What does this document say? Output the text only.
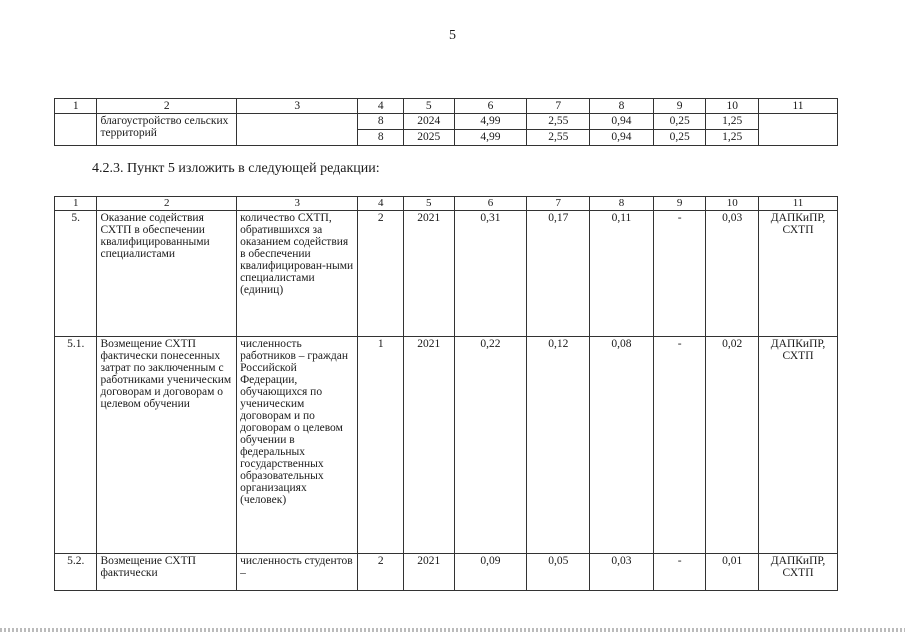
5
1	2	3	4	5	6	7	8	9	10	11
	благоустройство сельских территорий		8	2024	4,99	2,55	0,94	0,25	1,25	
			8	2025	4,99	2,55	0,94	0,25	1,25	
4.2.3. Пункт 5 изложить в следующей редакции:
1	2	3	4	5	6	7	8	9	10	11
5.	Оказание содействия СХТП в обеспечении квалифицированными специалистами	количество СХТП, обратившихся за оказанием содействия в обеспечении квалифицирован-ными специалистами (единиц)	2	2021	0,31	0,17	0,11	-	0,03	ДАПКиПР, СХТП
5.1.	Возмещение СХТП фактически понесенных затрат по заключенным с работниками ученическим договорам и договорам о целевом обучении	численность работников – граждан Российской Федерации, обучающихся по ученическим договорам и по договорам о целевом обучении в федеральных государственных образовательных организациях (человек)	1	2021	0,22	0,12	0,08	-	0,02	ДАПКиПР, СХТП
5.2.	Возмещение СХТП фактически	численность студентов –	2	2021	0,09	0,05	0,03	-	0,01	ДАПКиПР, СХТП
